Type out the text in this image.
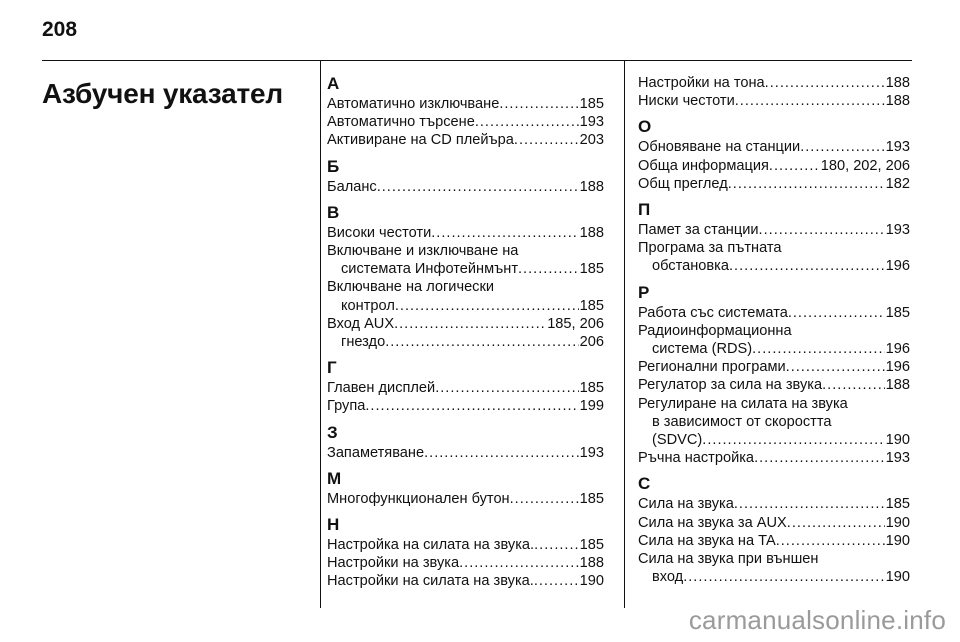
208
Азбучен указател	А
Автоматично изключване .....	185
Автоматично търсене .....	193
Активиране на CD плейъра .....	203
Б
Баланс .....	188
В
Високи честоти .....	188
Включване и изключване на
системата Инфотейнмънт .....	185
Включване на логически
контрол .....	185
Вход AUX .....	185, 206
гнездо .....	206
Г
Главен дисплей .....	185
Група .....	199
З
Запаметяване .....	193
М
Многофункционален бутон .....	185
Н
Настройка на силата на звука. .....	185
Настройки на звука .....	188
Настройки на силата на звука. .....	190
Настройки на тона .....	188
Ниски честоти .....	188
О
Обновяване на станции .....	193
Обща информация .....	180, 202, 206
Общ преглед .....	182
П
Памет за станции .....	193
Програма за пътната
обстановка .....	196
Р
Работа със системата .....	185
Радиоинформационна
система (RDS) .....	196
Регионални програми .....	196
Регулатор за сила на звука .....	188
Регулиране на силата на звука
в зависимост от скоростта
(SDVC) .....	190
Ръчна настройка .....	193
С
Сила на звука .....	185
Сила на звука за AUX .....	190
Сила на звука на TA .....	190
Сила на звука при външен
вход .....	190
carmanualsonline.info
